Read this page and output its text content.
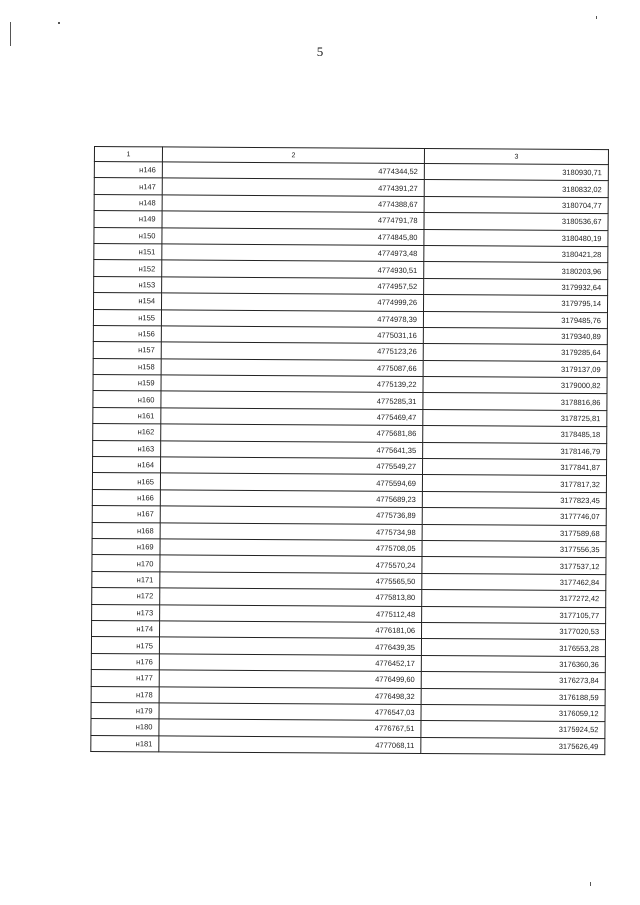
5
1	2	3
н146	4774344,52	3180930,71
н147	4774391,27	3180832,02
н148	4774388,67	3180704,77
н149	4774791,78	3180536,67
н150	4774845,80	3180480,19
н151	4774973,48	3180421,28
н152	4774930,51	3180203,96
н153	4774957,52	3179932,64
н154	4774999,26	3179795,14
н155	4774978,39	3179485,76
н156	4775031,16	3179340,89
н157	4775123,26	3179285,64
н158	4775087,66	3179137,09
н159	4775139,22	3179000,82
н160	4775285,31	3178816,86
н161	4775469,47	3178725,81
н162	4775681,86	3178485,18
н163	4775641,35	3178146,79
н164	4775549,27	3177841,87
н165	4775594,69	3177817,32
н166	4775689,23	3177823,45
н167	4775736,89	3177746,07
н168	4775734,98	3177589,68
н169	4775708,05	3177556,35
н170	4775570,24	3177537,12
н171	4775565,50	3177462,84
н172	4775813,80	3177272,42
н173	4775112,48	3177105,77
н174	4776181,06	3177020,53
н175	4776439,35	3176553,28
н176	4776452,17	3176360,36
н177	4776499,60	3176273,84
н178	4776498,32	3176188,59
н179	4776547,03	3176059,12
н180	4776767,51	3175924,52
н181	4777068,11	3175626,49
